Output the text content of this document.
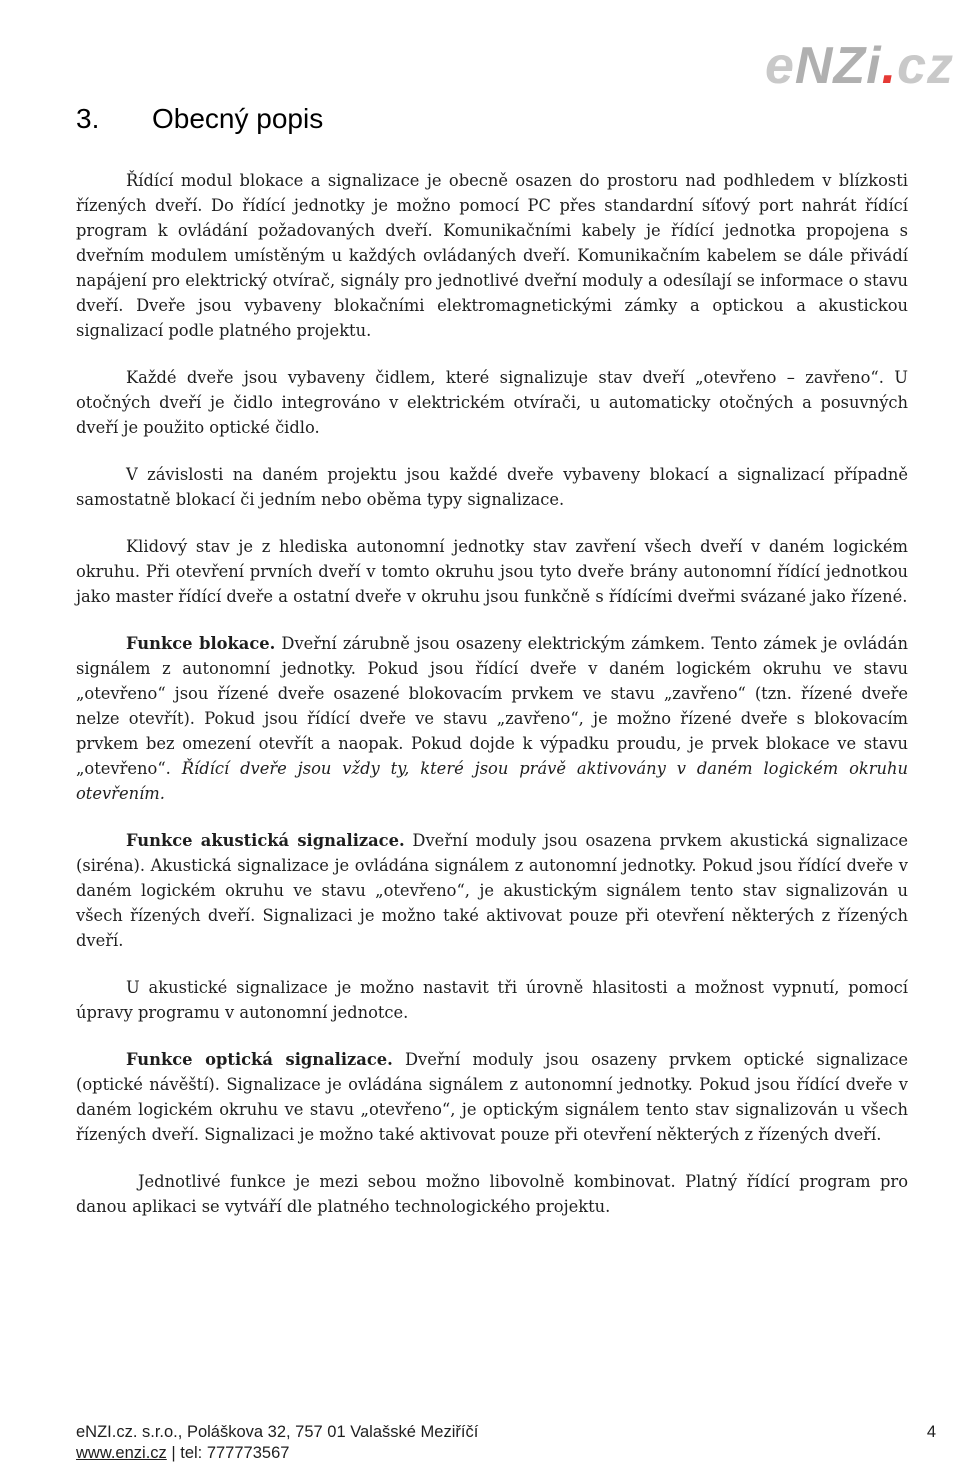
eNZi.cz
3. Obecný popis

Řídící modul blokace a signalizace je obecně osazen do prostoru nad podhledem v blízkosti řízených dveří. Do řídící jednotky je možno pomocí PC přes standardní síťový port nahrát řídící program k ovládání požadovaných dveří. Komunikačními kabely je řídící jednotka propojena s dveřním modulem umístěným u každých ovládaných dveří. Komunikačním kabelem se dále přivádí napájení pro elektrický otvírač, signály pro jednotlivé dveřní moduly a odesílají se informace o stavu dveří. Dveře jsou vybaveny blokačními elektromagnetickými zámky a optickou a akustickou signalizací podle platného projektu.

Každé dveře jsou vybaveny čidlem, které signalizuje stav dveří „otevřeno – zavřeno“. U otočných dveří je čidlo integrováno v elektrickém otvírači, u automaticky otočných a posuvných dveří je použito optické čidlo.

V závislosti na daném projektu jsou každé dveře vybaveny blokací a signalizací případně samostatně blokací či jedním nebo oběma typy signalizace.

Klidový stav je z hlediska autonomní jednotky stav zavření všech dveří v daném logickém okruhu. Při otevření prvních dveří v tomto okruhu jsou tyto dveře brány autonomní řídící jednotkou jako master řídící dveře a ostatní dveře v okruhu jsou funkčně s řídícími dveřmi svázané jako řízené.

Funkce blokace. Dveřní zárubně jsou osazeny elektrickým zámkem. Tento zámek je ovládán signálem z autonomní jednotky. Pokud jsou řídící dveře v daném logickém okruhu ve stavu „otevřeno“ jsou řízené dveře osazené blokovacím prvkem ve stavu „zavřeno“ (tzn. řízené dveře nelze otevřít). Pokud jsou řídící dveře ve stavu „zavřeno“, je možno řízené dveře s blokovacím prvkem bez omezení otevřít a naopak. Pokud dojde k výpadku proudu, je prvek blokace ve stavu „otevřeno“. Řídící dveře jsou vždy ty, které jsou právě aktivovány v daném logickém okruhu otevřením.

Funkce akustická signalizace. Dveřní moduly jsou osazena prvkem akustická signalizace (siréna). Akustická signalizace je ovládána signálem z autonomní jednotky. Pokud jsou řídící dveře v daném logickém okruhu ve stavu „otevřeno“, je akustickým signálem tento stav signalizován u všech řízených dveří. Signalizaci je možno také aktivovat pouze při otevření některých z řízených dveří.

U akustické signalizace je možno nastavit tři úrovně hlasitosti a možnost vypnutí, pomocí úpravy programu v autonomní jednotce.

Funkce optická signalizace. Dveřní moduly jsou osazeny prvkem optické signalizace (optické návěští). Signalizace je ovládána signálem z autonomní jednotky. Pokud jsou řídící dveře v daném logickém okruhu ve stavu „otevřeno“, je optickým signálem tento stav signalizován u všech řízených dveří. Signalizaci je možno také aktivovat pouze při otevření některých z řízených dveří.

Jednotlivé funkce je mezi sebou možno libovolně kombinovat. Platný řídící program pro danou aplikaci se vytváří dle platného technologického projektu.

eNZI.cz. s.r.o., Poláškova 32, 757 01 Valašské Meziříčí	4
www.enzi.cz | tel: 777773567
